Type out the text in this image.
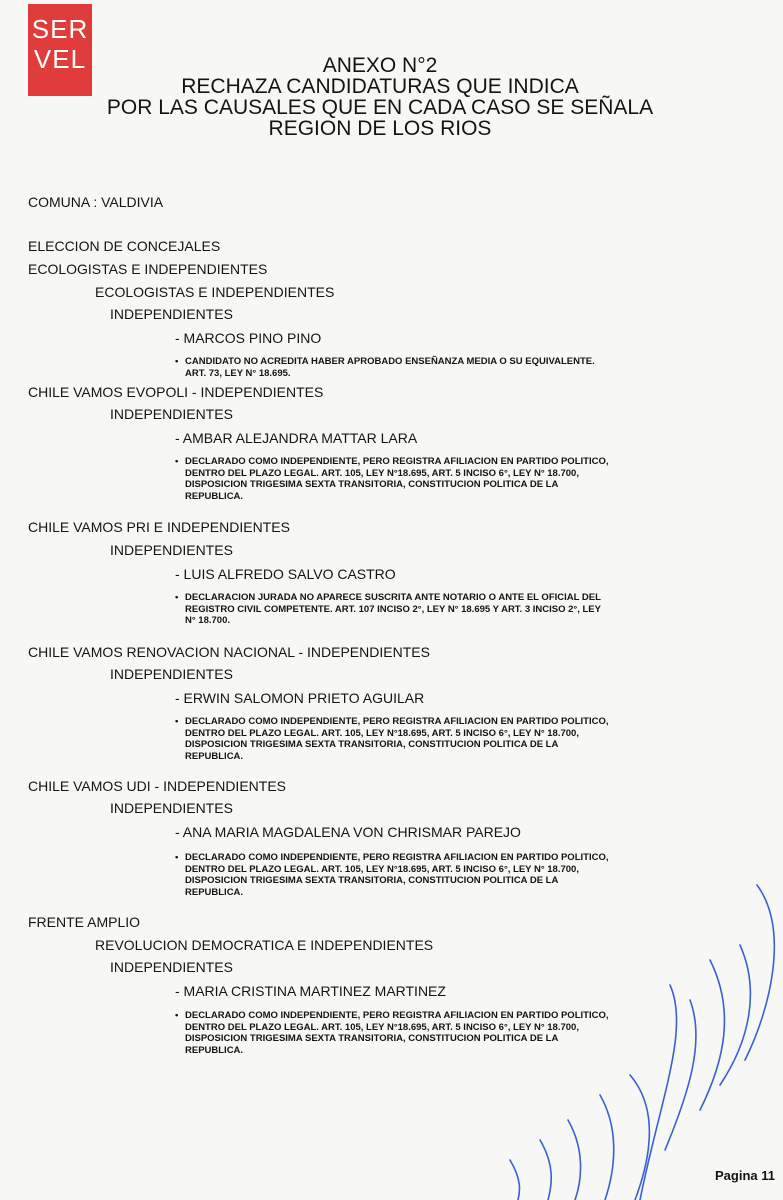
SER
VEL	ANEXO N°2
RECHAZA CANDIDATURAS QUE INDICA
POR LAS CAUSALES QUE EN CADA CASO SE SEÑALA
REGION DE LOS RIOS
COMUNA : VALDIVIA
ELECCION DE CONCEJALES
ECOLOGISTAS E INDEPENDIENTES
ECOLOGISTAS E INDEPENDIENTES
INDEPENDIENTES
- MARCOS PINO PINO
• CANDIDATO NO ACREDITA HABER APROBADO ENSEÑANZA MEDIA O SU EQUIVALENTE.
ART. 73, LEY N° 18.695.
CHILE VAMOS EVOPOLI - INDEPENDIENTES
INDEPENDIENTES
- AMBAR ALEJANDRA MATTAR LARA
• DECLARADO COMO INDEPENDIENTE, PERO REGISTRA AFILIACION EN PARTIDO POLITICO,
DENTRO DEL PLAZO LEGAL. ART. 105, LEY N°18.695, ART. 5 INCISO 6°, LEY N° 18.700,
DISPOSICION TRIGESIMA SEXTA TRANSITORIA, CONSTITUCION POLITICA DE LA
REPUBLICA.
CHILE VAMOS PRI E INDEPENDIENTES
INDEPENDIENTES
- LUIS ALFREDO SALVO CASTRO
• DECLARACION JURADA NO APARECE SUSCRITA ANTE NOTARIO O ANTE EL OFICIAL DEL
REGISTRO CIVIL COMPETENTE. ART. 107 INCISO 2°, LEY N° 18.695 Y ART. 3 INCISO 2°, LEY
N° 18.700.
CHILE VAMOS RENOVACION NACIONAL - INDEPENDIENTES
INDEPENDIENTES
- ERWIN SALOMON PRIETO AGUILAR
• DECLARADO COMO INDEPENDIENTE, PERO REGISTRA AFILIACION EN PARTIDO POLITICO,
DENTRO DEL PLAZO LEGAL. ART. 105, LEY N°18.695, ART. 5 INCISO 6°, LEY N° 18.700,
DISPOSICION TRIGESIMA SEXTA TRANSITORIA, CONSTITUCION POLITICA DE LA
REPUBLICA.
CHILE VAMOS UDI - INDEPENDIENTES
INDEPENDIENTES
- ANA MARIA MAGDALENA VON CHRISMAR PAREJO
• DECLARADO COMO INDEPENDIENTE, PERO REGISTRA AFILIACION EN PARTIDO POLITICO,
DENTRO DEL PLAZO LEGAL. ART. 105, LEY N°18.695, ART. 5 INCISO 6°, LEY N° 18.700,
DISPOSICION TRIGESIMA SEXTA TRANSITORIA, CONSTITUCION POLITICA DE LA
REPUBLICA.
FRENTE AMPLIO
REVOLUCION DEMOCRATICA E INDEPENDIENTES
INDEPENDIENTES
- MARIA CRISTINA MARTINEZ MARTINEZ
• DECLARADO COMO INDEPENDIENTE, PERO REGISTRA AFILIACION EN PARTIDO POLITICO,
DENTRO DEL PLAZO LEGAL. ART. 105, LEY N°18.695, ART. 5 INCISO 6°, LEY N° 18.700,
DISPOSICION TRIGESIMA SEXTA TRANSITORIA, CONSTITUCION POLITICA DE LA
REPUBLICA.
Pagina 11
